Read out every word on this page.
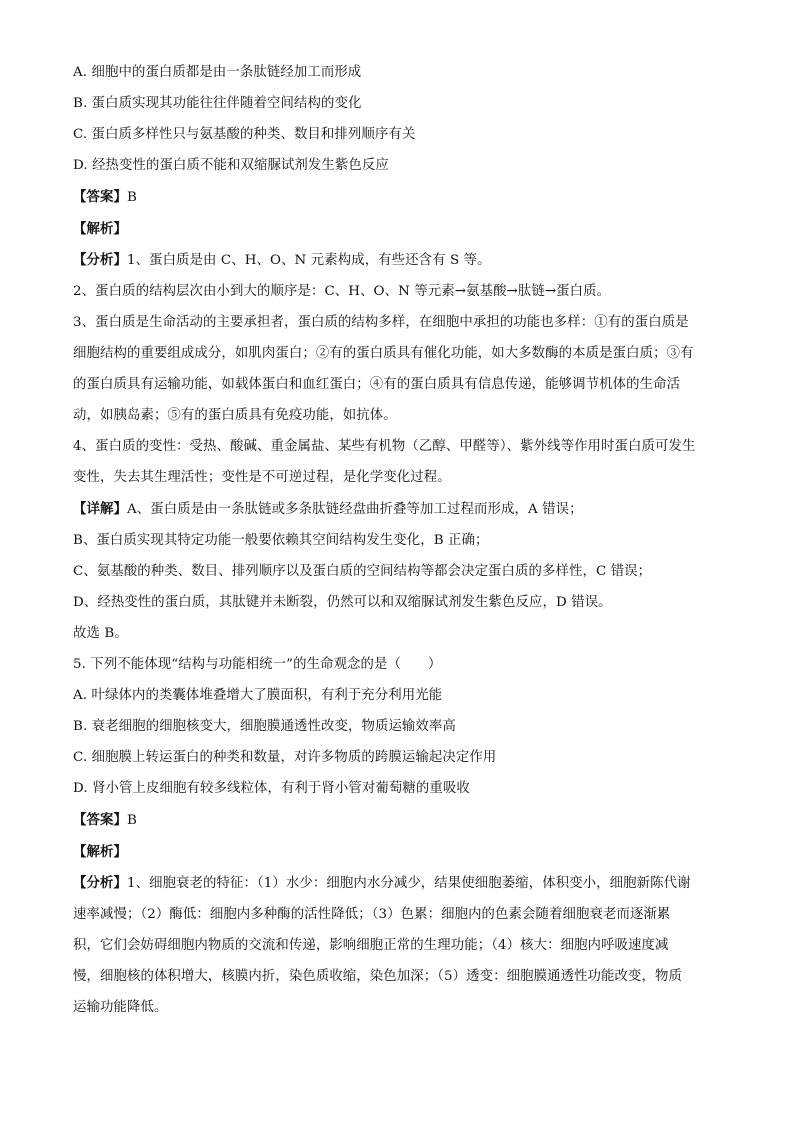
A. 细胞中的蛋白质都是由一条肽链经加工而形成
B. 蛋白质实现其功能往往伴随着空间结构的变化
C. 蛋白质多样性只与氨基酸的种类、数目和排列顺序有关
D. 经热变性的蛋白质不能和双缩脲试剂发生紫色反应
【答案】B
【解析】
【分析】1、蛋白质是由 C、H、O、N 元素构成，有些还含有 S 等。
2、蛋白质的结构层次由小到大的顺序是：C、H、O、N 等元素→氨基酸→肽链→蛋白质。
3、蛋白质是生命活动的主要承担者，蛋白质的结构多样，在细胞中承担的功能也多样：①有的蛋白质是
细胞结构的重要组成成分，如肌肉蛋白；②有的蛋白质具有催化功能，如大多数酶的本质是蛋白质；③有
的蛋白质具有运输功能，如载体蛋白和血红蛋白；④有的蛋白质具有信息传递，能够调节机体的生命活
动，如胰岛素；⑤有的蛋白质具有免疫功能，如抗体。
4、蛋白质的变性：受热、酸碱、重金属盐、某些有机物（乙醇、甲醛等）、紫外线等作用时蛋白质可发生
变性，失去其生理活性；变性是不可逆过程，是化学变化过程。
【详解】A、蛋白质是由一条肽链或多条肽链经盘曲折叠等加工过程而形成，A 错误；
B、蛋白质实现其特定功能一般要依赖其空间结构发生变化，B 正确；
C、氨基酸的种类、数目、排列顺序以及蛋白质的空间结构等都会决定蛋白质的多样性，C 错误；
D、经热变性的蛋白质，其肽键并未断裂，仍然可以和双缩脲试剂发生紫色反应，D 错误。
故选 B。
5. 下列不能体现“结构与功能相统一”的生命观念的是（　　）
A. 叶绿体内的类囊体堆叠增大了膜面积，有利于充分利用光能
B. 衰老细胞的细胞核变大，细胞膜通透性改变，物质运输效率高
C. 细胞膜上转运蛋白的种类和数量，对许多物质的跨膜运输起决定作用
D. 肾小管上皮细胞有较多线粒体，有利于肾小管对葡萄糖的重吸收
【答案】B
【解析】
【分析】1、细胞衰老的特征：（1）水少：细胞内水分减少，结果使细胞萎缩，体积变小，细胞新陈代谢
速率减慢；（2）酶低：细胞内多种酶的活性降低；（3）色累：细胞内的色素会随着细胞衰老而逐渐累
积，它们会妨碍细胞内物质的交流和传递，影响细胞正常的生理功能；（4）核大：细胞内呼吸速度减
慢，细胞核的体积增大，核膜内折，染色质收缩，染色加深；（5）透变：细胞膜通透性功能改变，物质
运输功能降低。
